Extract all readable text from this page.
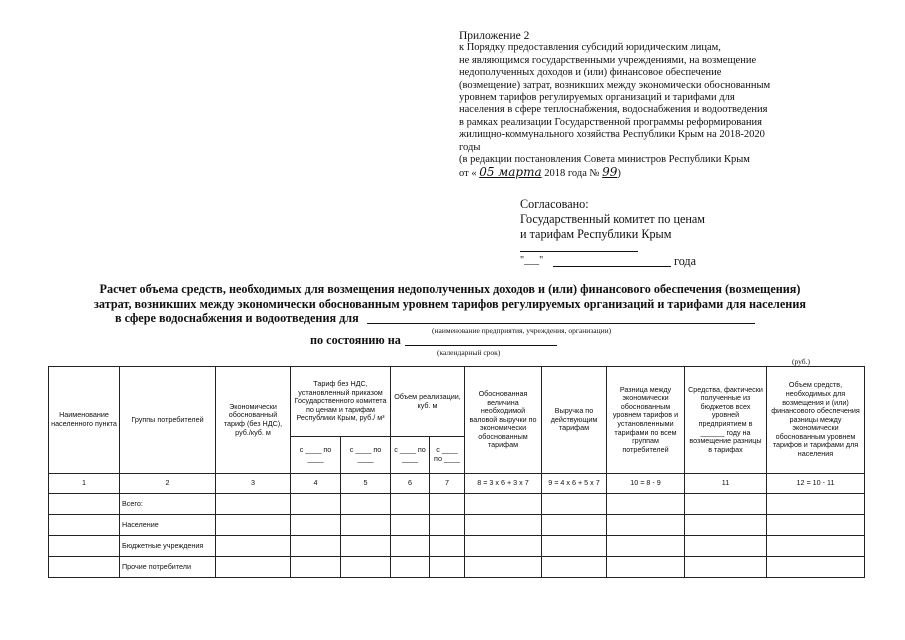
Приложение 2
к Порядку предоставления субсидий юридическим лицам,
не являющимся государственными учреждениями, на возмещение
недополученных доходов и (или) финансовое обеспечение
(возмещение) затрат, возникших между экономически обоснованным
уровнем тарифов регулируемых организаций и тарифами для
населения в сфере теплоснабжения, водоснабжения и водоотведения
в рамках реализации Государственной программы реформирования
жилищно-коммунального хозяйства Республики Крым на 2018-2020
годы
(в редакции постановления Совета министров Республики Крым
от « 05 марта 2018 года № 99)
Согласовано:
Государственный комитет по ценам
и тарифам Республики Крым
"___"	года
Расчет объема средств, необходимых для возмещения недополученных доходов и (или) финансового обеспечения (возмещения)
затрат, возникших между экономически обоснованным уровнем тарифов регулируемых организаций и тарифами для населения
в сфере водоснабжения и водоотведения для
(наименование предприятия, учреждения, организации)
по состоянию на
(календарный срок)
(руб.)
Наименование населенного пункта	Группы потребителей	Экономически обоснованный тариф (без НДС), руб./куб. м	Тариф без НДС, установленный приказом Государственного комитета по ценам и тарифам Республики Крым, руб./ м³		Объем реализации, куб. м		Обоснованная величина необходимой валовой выручки по экономически обоснованным тарифам	Выручка по действующим тарифам	Разница между экономически обоснованным уровнем тарифов и установленными тарифами по всем группам потребителей	Средства, фактически полученные из бюджетов всех уровней предприятием в ______ году на возмещение разницы в тарифах	Объем средств, необходимых для возмещения и (или) финансового обеспечения разницы между экономически обоснованным уровнем тарифов и тарифами для населения
			с ____ по ____	с ____ по ____	с ____ по ____	с ____ по ____					
1	2	3	4	5	6	7	8 = 3 x 6 + 3 x 7	9 = 4 x 6 + 5 x 7	10 = 8 - 9	11	12 = 10 - 11
	Всего:										
	Население										
	Бюджетные учреждения										
	Прочие потребители										
